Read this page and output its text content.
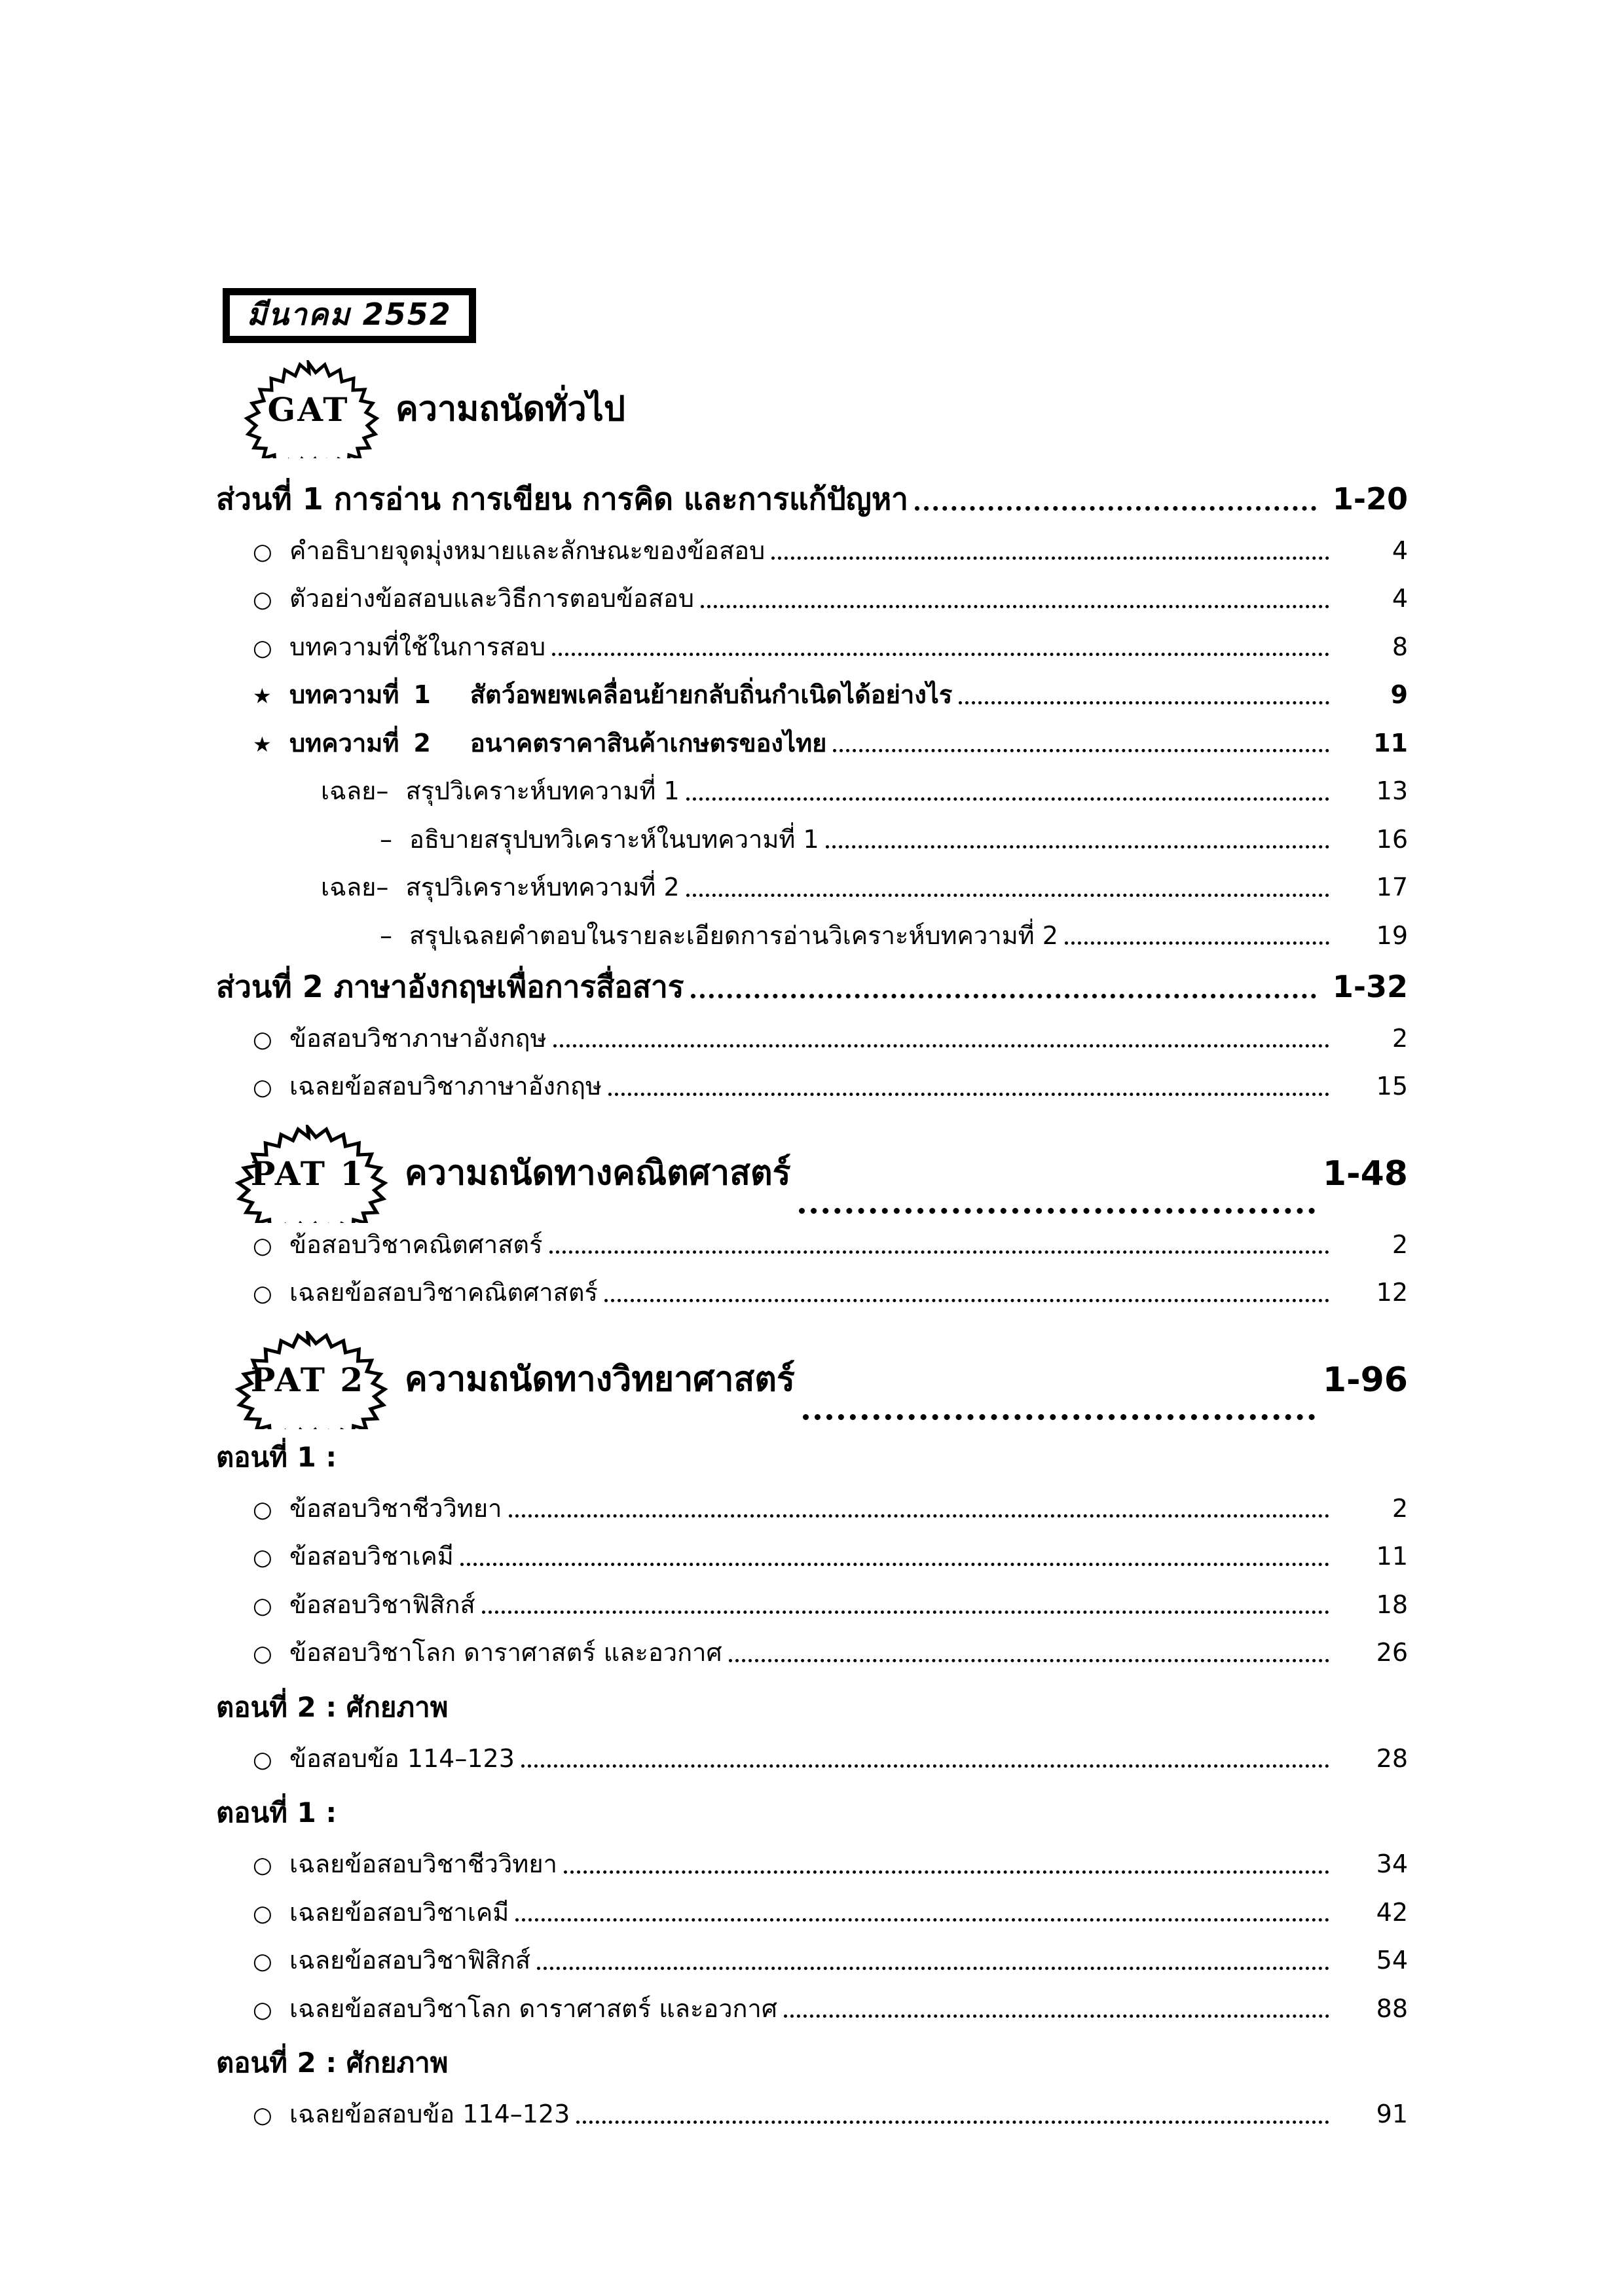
มีนาคม 2552
GAT ความถนัดทั่วไป
ส่วนที่ 1 การอ่าน การเขียน การคิด และการแก้ปัญหา	1-20
○ คำอธิบายจุดมุ่งหมายและลักษณะของข้อสอบ	4
○ ตัวอย่างข้อสอบและวิธีการตอบข้อสอบ	4
○ บทความที่ใช้ในการสอบ	8
★ บทความที่ 1 สัตว์อพยพเคลื่อนย้ายกลับถิ่นกำเนิดได้อย่างไร	9
★ บทความที่ 2 อนาคตราคาสินค้าเกษตรของไทย	11
เฉลย– สรุปวิเคราะห์บทความที่ 1	13
– อธิบายสรุปบทวิเคราะห์ในบทความที่ 1	16
เฉลย– สรุปวิเคราะห์บทความที่ 2	17
– สรุปเฉลยคำตอบในรายละเอียดการอ่านวิเคราะห์บทความที่ 2	19
ส่วนที่ 2 ภาษาอังกฤษเพื่อการสื่อสาร	1-32
○ ข้อสอบวิชาภาษาอังกฤษ	2
○ เฉลยข้อสอบวิชาภาษาอังกฤษ	15
PAT 1 ความถนัดทางคณิตศาสตร์	1-48
○ ข้อสอบวิชาคณิตศาสตร์	2
○ เฉลยข้อสอบวิชาคณิตศาสตร์	12
PAT 2 ความถนัดทางวิทยาศาสตร์	1-96
ตอนที่ 1 :
○ ข้อสอบวิชาชีววิทยา	2
○ ข้อสอบวิชาเคมี	11
○ ข้อสอบวิชาฟิสิกส์	18
○ ข้อสอบวิชาโลก ดาราศาสตร์ และอวกาศ	26
ตอนที่ 2 : ศักยภาพ
○ ข้อสอบข้อ 114–123	28
ตอนที่ 1 :
○ เฉลยข้อสอบวิชาชีววิทยา	34
○ เฉลยข้อสอบวิชาเคมี	42
○ เฉลยข้อสอบวิชาฟิสิกส์	54
○ เฉลยข้อสอบวิชาโลก ดาราศาสตร์ และอวกาศ	88
ตอนที่ 2 : ศักยภาพ
○ เฉลยข้อสอบข้อ 114–123	91
